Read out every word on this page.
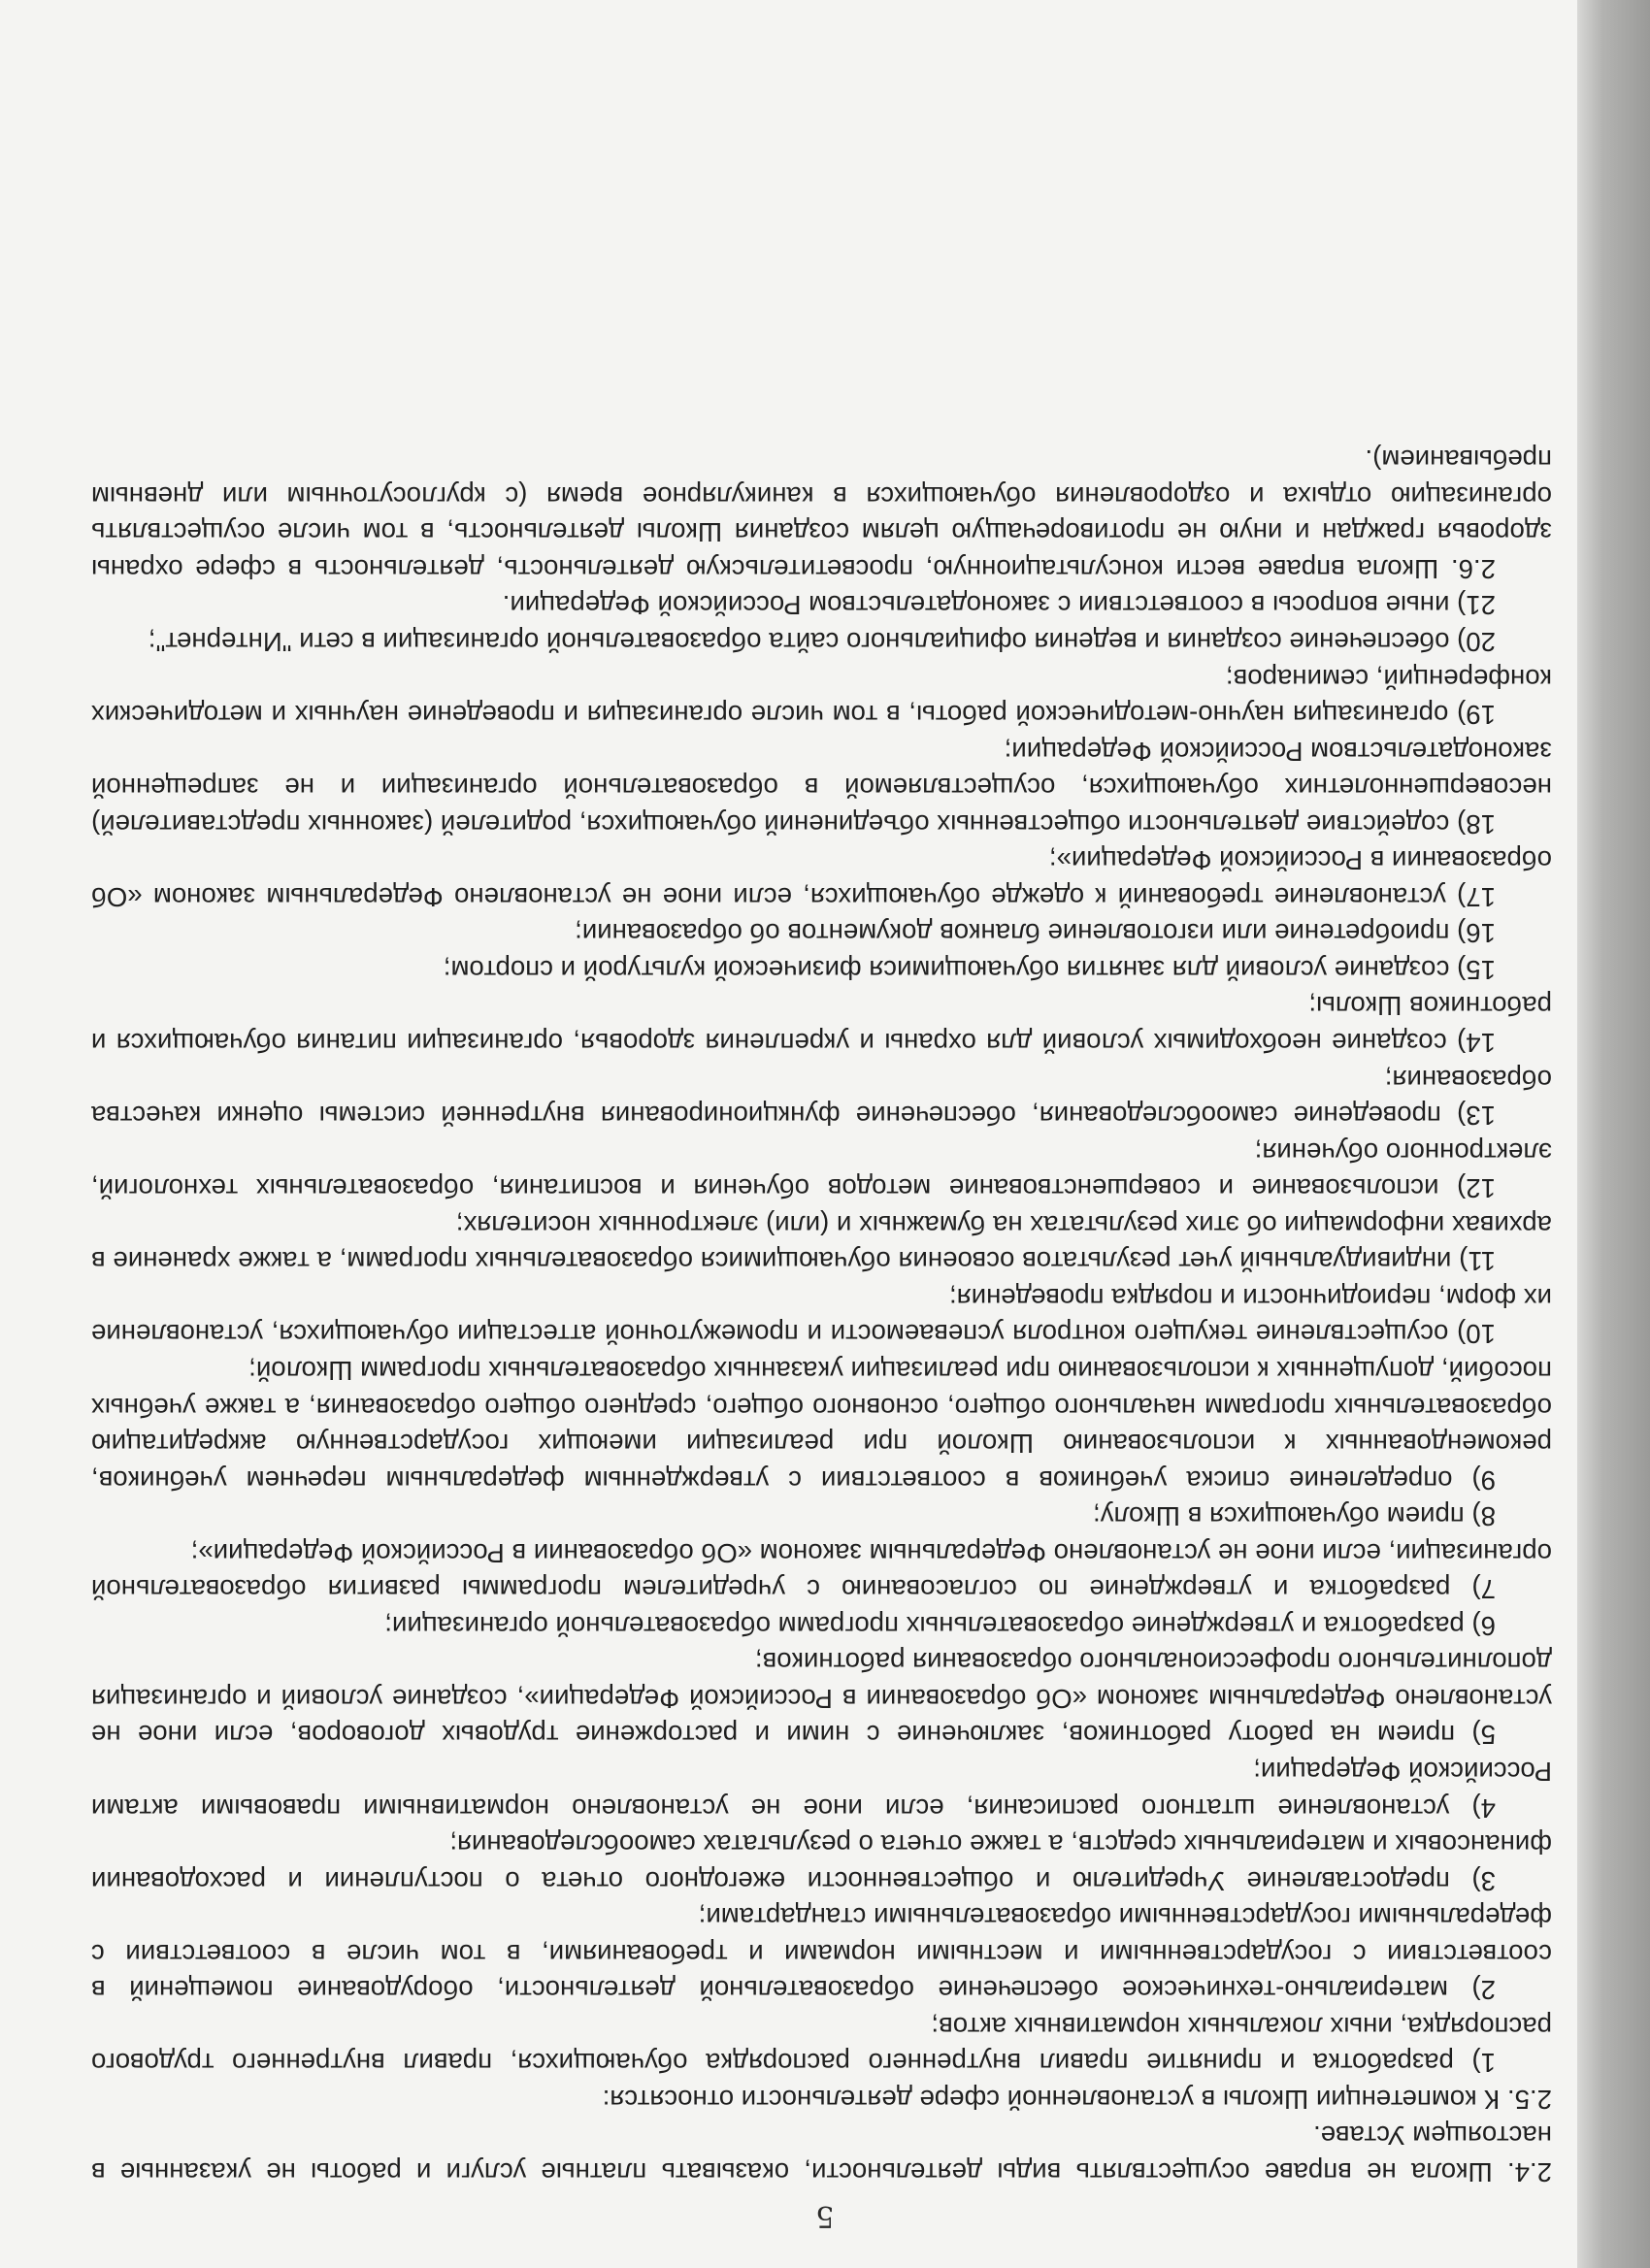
5

2.4. Школа не вправе осуществлять виды деятельности, оказывать платные услуги и работы не указанные в настоящем Уставе.

2.5. К компетенции Школы в установленной сфере деятельности относятся:

1) разработка и принятие правил внутреннего распорядка обучающихся, правил внутреннего трудового распорядка, иных локальных нормативных актов;

2) материально-техническое обеспечение образовательной деятельности, оборудование помещений в соответствии с государственными и местными нормами и требованиями, в том числе в соответствии с федеральными государственными образовательными стандартами;

3) предоставление Учредителю и общественности ежегодного отчета о поступлении и расходовании финансовых и материальных средств, а также отчета о результатах самообследования;

4) установление штатного расписания, если иное не установлено нормативными правовыми актами Российской Федерации;

5) прием на работу работников, заключение с ними и расторжение трудовых договоров, если иное не установлено Федеральным законом «Об образовании в Российской Федерации», создание условий и организация дополнительного профессионального образования работников;

6) разработка и утверждение образовательных программ образовательной организации;

7) разработка и утверждение по согласованию с учредителем программы развития образовательной организации, если иное не установлено Федеральным законом «Об образовании в Российской Федерации»;

8) прием обучающихся в Школу;

9) определение списка учебников в соответствии с утвержденным федеральным перечнем учебников, рекомендованных к использованию Школой при реализации имеющих государственную аккредитацию образовательных программ начального общего, основного общего, среднего общего образования, а также учебных пособий, допущенных к использованию при реализации указанных образовательных программ Школой;

10) осуществление текущего контроля успеваемости и промежуточной аттестации обучающихся, установление их форм, периодичности и порядка проведения;

11) индивидуальный учет результатов освоения обучающимися образовательных программ, а также хранение в архивах информации об этих результатах на бумажных и (или) электронных носителях;

12) использование и совершенствование методов обучения и воспитания, образовательных технологий, электронного обучения;

13) проведение самообследования, обеспечение функционирования внутренней системы оценки качества образования;

14) создание необходимых условий для охраны и укрепления здоровья, организации питания обучающихся и работников Школы;

15) создание условий для занятия обучающимися физической культурой и спортом;

16) приобретение или изготовление бланков документов об образовании;

17) установление требований к одежде обучающихся, если иное не установлено Федеральным законом «Об образовании в Российской Федерации»;

18) содействие деятельности общественных объединений обучающихся, родителей (законных представителей) несовершеннолетних обучающихся, осуществляемой в образовательной организации и не запрещенной законодательством Российской Федерации;

19) организация научно-методической работы, в том числе организация и проведение научных и методических конференций, семинаров;

20) обеспечение создания и ведения официального сайта образовательной организации в сети "Интернет";

21) иные вопросы в соответствии с законодательством Российской Федерации.

2.6. Школа вправе вести консультационную, просветительскую деятельность, деятельность в сфере охраны здоровья граждан и иную не противоречащую целям создания Школы деятельность, в том числе осуществлять организацию отдыха и оздоровления обучающихся в каникулярное время (с круглосуточным или дневным пребыванием).
